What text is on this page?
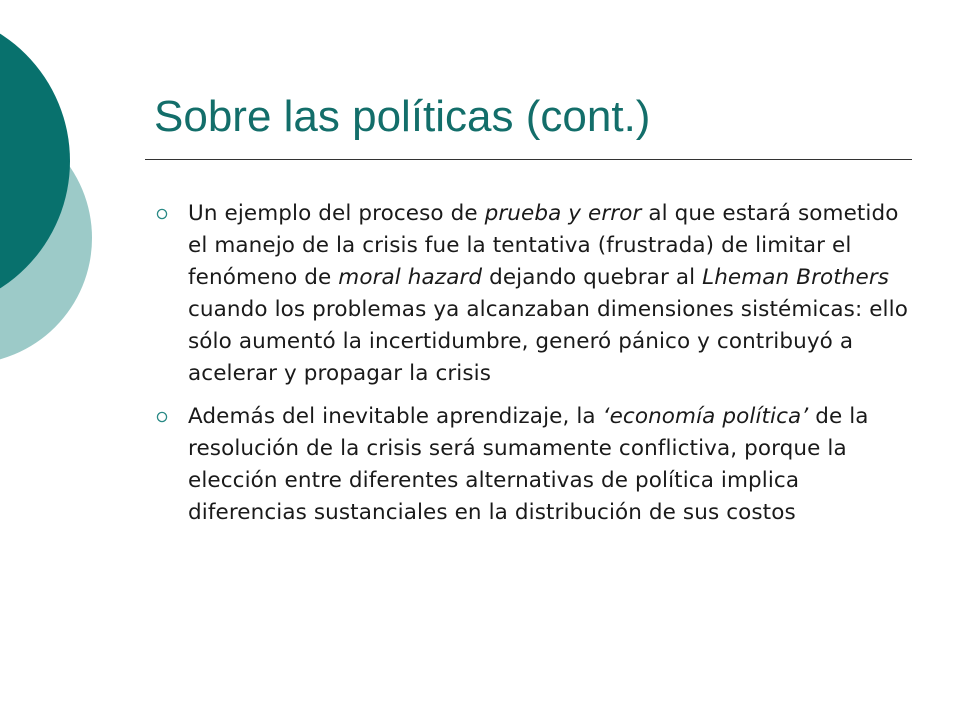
Sobre las políticas (cont.)
Un ejemplo del proceso de prueba y error al que estará sometido el manejo de la crisis fue la tentativa (frustrada) de limitar el fenómeno de moral hazard dejando quebrar al Lheman Brothers cuando los problemas ya alcanzaban dimensiones sistémicas: ello sólo aumentó la incertidumbre, generó pánico y contribuyó a acelerar y propagar la crisis
Además del inevitable aprendizaje, la ‘economía política’ de la resolución de la crisis será sumamente conflictiva, porque la elección entre diferentes alternativas de política implica diferencias sustanciales en la distribución de sus costos
